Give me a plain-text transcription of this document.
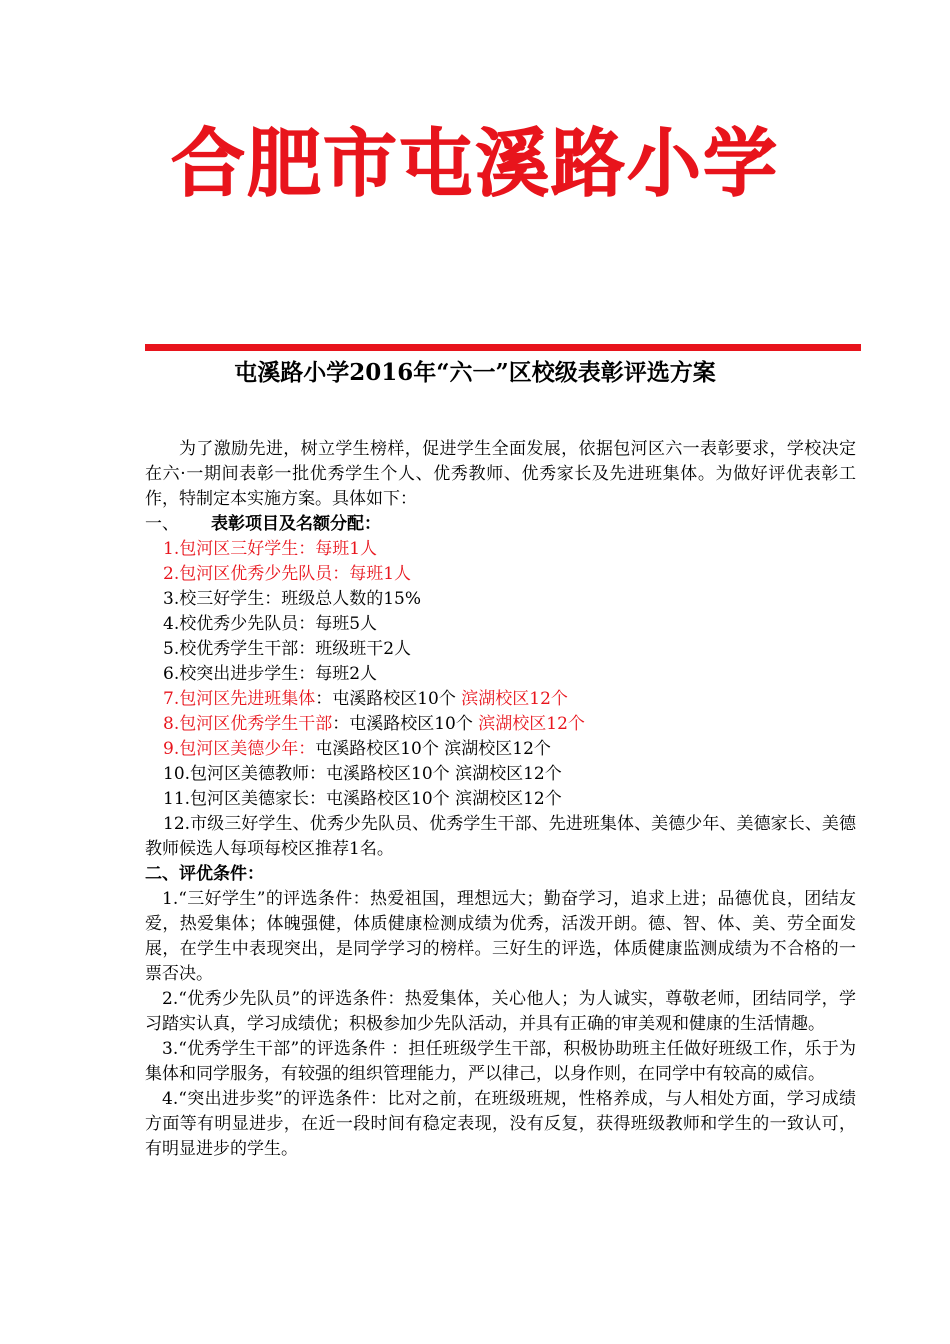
合肥市屯溪路小学
屯溪路小学2016年“六一”区校级表彰评选方案

为了激励先进，树立学生榜样，促进学生全面发展，依据包河区六一表彰要求，学校决定在六·一期间表彰一批优秀学生个人、优秀教师、优秀家长及先进班集体。为做好评优表彰工作，特制定本实施方案。具体如下：

一、 表彰项目及名额分配：

1.包河区三好学生：每班1人

2.包河区优秀少先队员：每班1人

3.校三好学生：班级总人数的15%

4.校优秀少先队员：每班5人

5.校优秀学生干部：班级班干2人

6.校突出进步学生：每班2人

7.包河区先进班集体：屯溪路校区10个 滨湖校区12个

8.包河区优秀学生干部：屯溪路校区10个 滨湖校区12个

9.包河区美德少年：屯溪路校区10个 滨湖校区12个

10.包河区美德教师：屯溪路校区10个 滨湖校区12个

11.包河区美德家长：屯溪路校区10个 滨湖校区12个

12.市级三好学生、优秀少先队员、优秀学生干部、先进班集体、美德少年、美德家长、美德教师候选人每项每校区推荐1名。

二、评优条件：

1.“三好学生”的评选条件：热爱祖国，理想远大；勤奋学习，追求上进；品德优良，团结友爱，热爱集体；体魄强健，体质健康检测成绩为优秀，活泼开朗。德、智、体、美、劳全面发展，在学生中表现突出，是同学学习的榜样。三好生的评选，体质健康监测成绩为不合格的一票否决。

2.“优秀少先队员”的评选条件：热爱集体，关心他人；为人诚实，尊敬老师，团结同学，学习踏实认真，学习成绩优；积极参加少先队活动，并具有正确的审美观和健康的生活情趣。

3.“优秀学生干部”的评选条件 ：担任班级学生干部，积极协助班主任做好班级工作，乐于为集体和同学服务，有较强的组织管理能力，严以律己，以身作则，在同学中有较高的威信。

4.“突出进步奖”的评选条件：比对之前，在班级班规，性格养成，与人相处方面，学习成绩方面等有明显进步，在近一段时间有稳定表现，没有反复，获得班级教师和学生的一致认可，有明显进步的学生。
